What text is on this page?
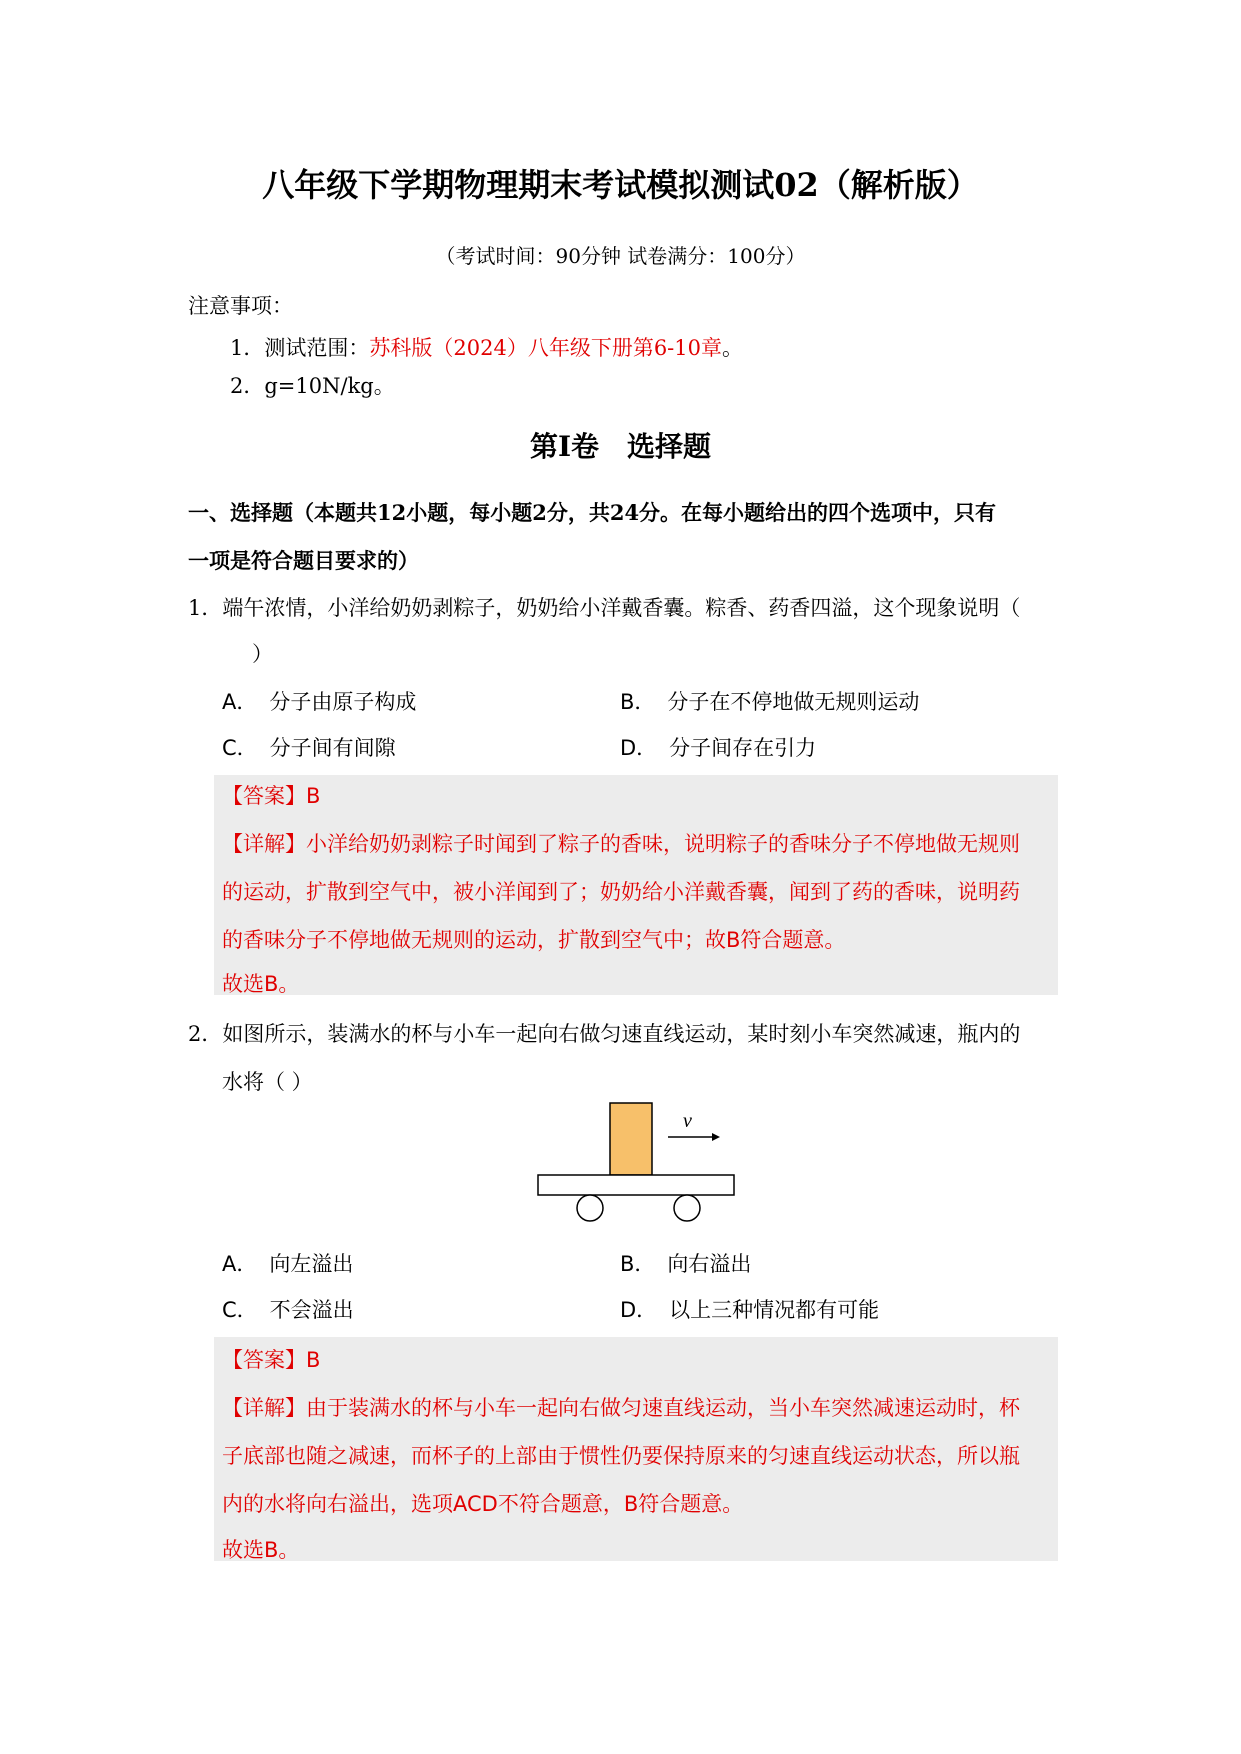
八年级下学期物理期末考试模拟测试02（解析版）
（考试时间：90分钟 试卷满分：100分）
注意事项：
1．测试范围：苏科版（2024）八年级下册第6-10章。
2．g=10N/kg。
第Ⅰ卷 选择题
一、选择题（本题共12小题，每小题2分，共24分。在每小题给出的四个选项中，只有
一项是符合题目要求的）
1．端午浓情，小洋给奶奶剥粽子，奶奶给小洋戴香囊。粽香、药香四溢，这个现象说明（
）
A． 分子由原子构成	B． 分子在不停地做无规则运动
C． 分子间有间隙	D． 分子间存在引力
【答案】B
【详解】小洋给奶奶剥粽子时闻到了粽子的香味，说明粽子的香味分子不停地做无规则
的运动，扩散到空气中，被小洋闻到了；奶奶给小洋戴香囊，闻到了药的香味，说明药
的香味分子不停地做无规则的运动，扩散到空气中；故B符合题意。
故选B。
2．如图所示，装满水的杯与小车一起向右做匀速直线运动，某时刻小车突然减速，瓶内的
水将（ ）
v
A． 向左溢出	B． 向右溢出
C． 不会溢出	D． 以上三种情况都有可能
【答案】B
【详解】由于装满水的杯与小车一起向右做匀速直线运动，当小车突然减速运动时，杯
子底部也随之减速，而杯子的上部由于惯性仍要保持原来的匀速直线运动状态，所以瓶
内的水将向右溢出，选项ACD不符合题意，B符合题意。
故选B。
